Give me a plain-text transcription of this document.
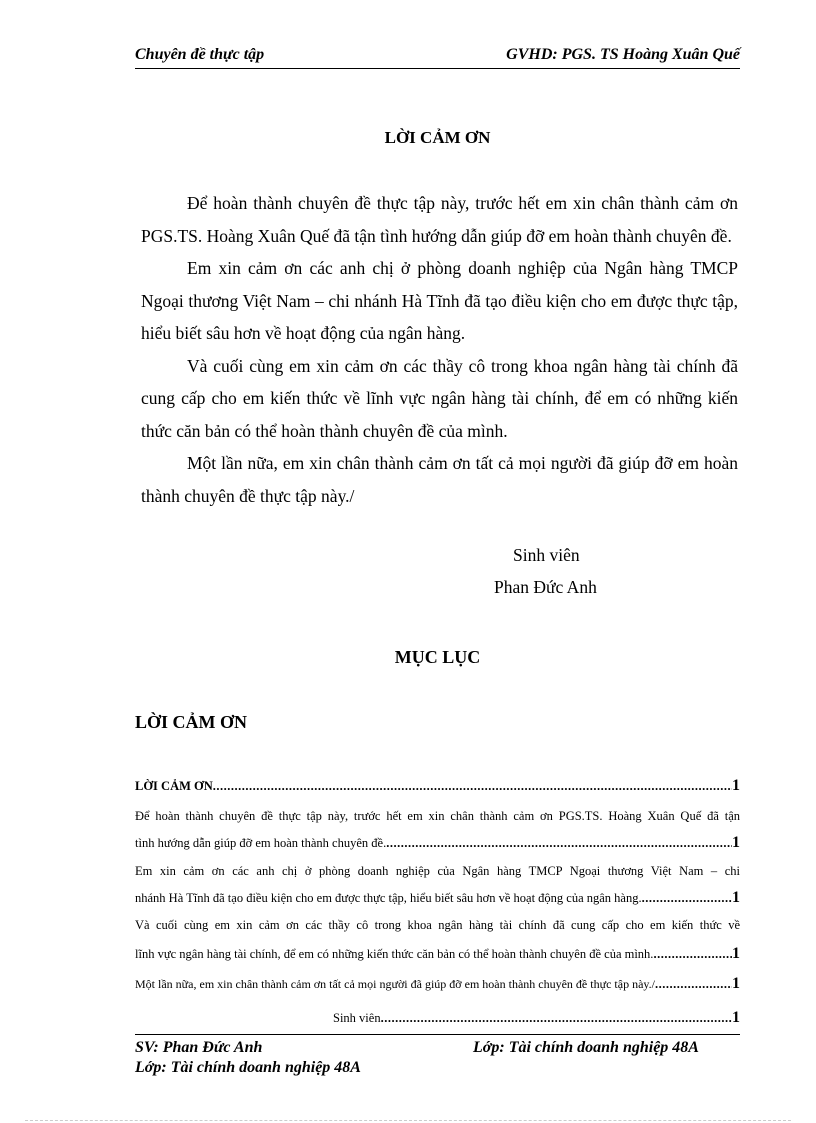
Chuyên đề thực tập	GVHD: PGS. TS Hoàng Xuân Quế
LỜI CẢM ƠN

Để hoàn thành chuyên đề thực tập này, trước hết em xin chân thành cảm ơn PGS.TS. Hoàng Xuân Quế đã tận tình hướng dẫn giúp đỡ em hoàn thành chuyên đề.

Em xin cảm ơn các anh chị ở phòng doanh nghiệp của Ngân hàng TMCP Ngoại thương Việt Nam – chi nhánh Hà Tĩnh đã tạo điều kiện cho em được thực tập, hiểu biết sâu hơn về hoạt động của ngân hàng.

Và cuối cùng em xin cảm ơn các thầy cô trong khoa ngân hàng tài chính đã cung cấp cho em kiến thức về lĩnh vực ngân hàng tài chính, để em có những kiến thức căn bản có thể hoàn thành chuyên đề của mình.

Một lần nữa, em xin chân thành cảm ơn tất cả mọi người đã giúp đỡ em hoàn thành chuyên đề thực tập này./

Sinh viên
Phan Đức Anh
MỤC LỤC
LỜI CẢM ƠN
LỜI CẢM ƠN .....	1
Để hoàn thành chuyên đề thực tập này, trước hết em xin chân thành cảm ơn PGS.TS. Hoàng Xuân Quế đã tận
tình hướng dẫn giúp đỡ em hoàn thành chuyên đề. .....	1
Em xin cảm ơn các anh chị ở phòng doanh nghiệp của Ngân hàng TMCP Ngoại thương Việt Nam – chi
nhánh Hà Tĩnh đã tạo điều kiện cho em được thực tập, hiểu biết sâu hơn về hoạt động của ngân hàng. .....	1
Và cuối cùng em xin cảm ơn các thầy cô trong khoa ngân hàng tài chính đã cung cấp cho em kiến thức về
lĩnh vực ngân hàng tài chính, để em có những kiến thức căn bản có thể hoàn thành chuyên đề của mình. .....	1
Một lần nữa, em xin chân thành cảm ơn tất cả mọi người đã giúp đỡ em hoàn thành chuyên đề thực tập này./ .....	1
Sinh viên .....	1
SV: Phan Đức Anh	Lớp: Tài chính doanh nghiệp 48A
Lớp: Tài chính doanh nghiệp 48A
